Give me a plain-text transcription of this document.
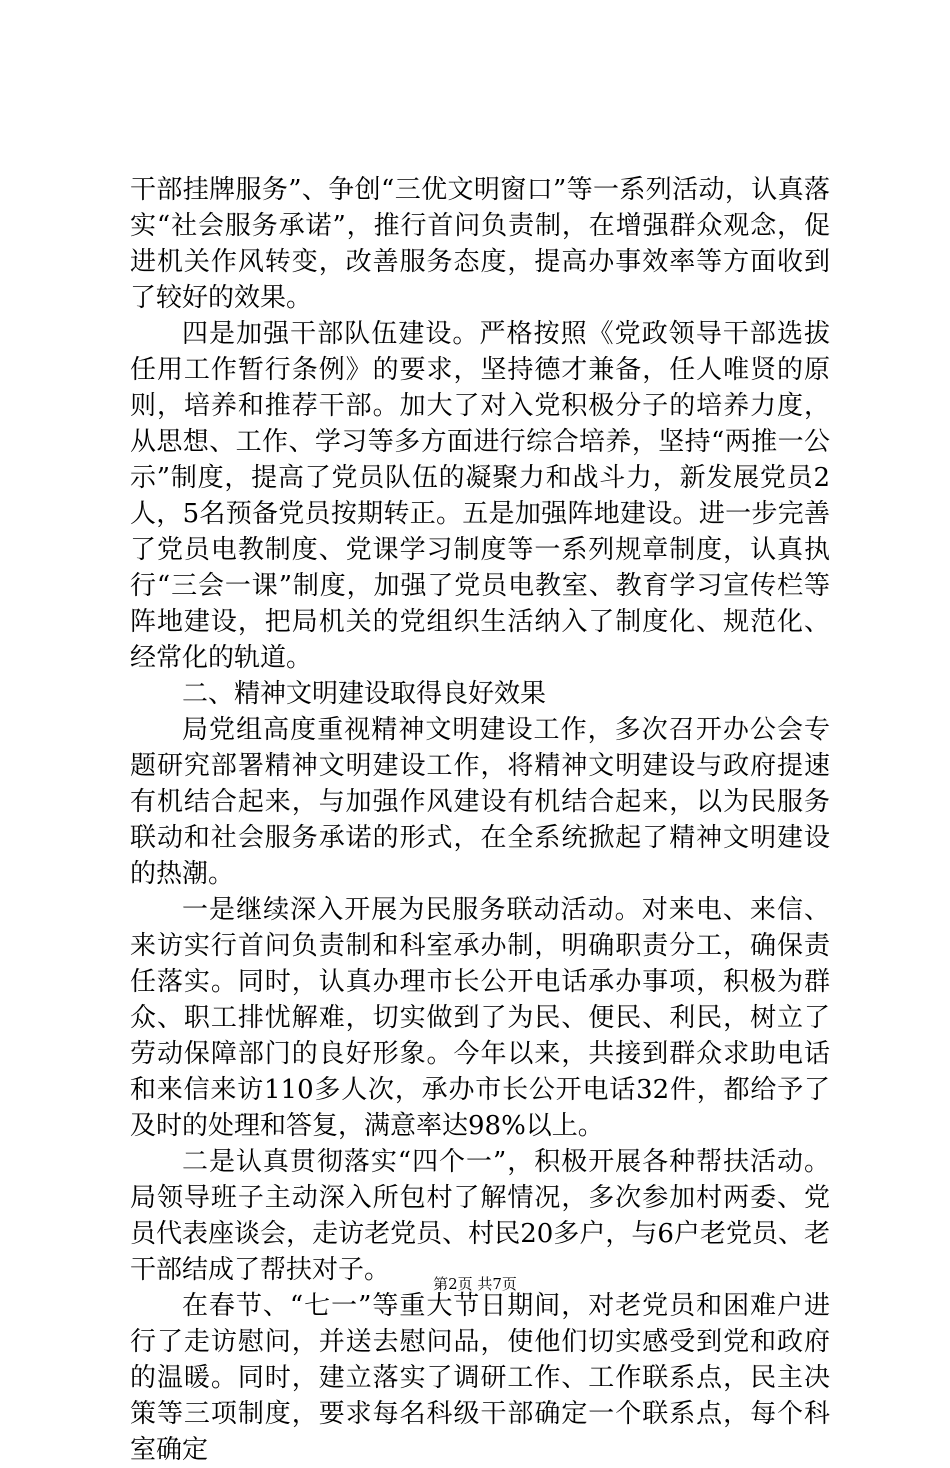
干部挂牌服务”、争创“三优文明窗口”等一系列活动，认真落实“社会服务承诺”，推行首问负责制，在增强群众观念，促进机关作风转变，改善服务态度，提高办事效率等方面收到了较好的效果。

四是加强干部队伍建设。严格按照《党政领导干部选拔任用工作暂行条例》的要求，坚持德才兼备，任人唯贤的原则，培养和推荐干部。加大了对入党积极分子的培养力度，从思想、工作、学习等多方面进行综合培养，坚持“两推一公示”制度，提高了党员队伍的凝聚力和战斗力，新发展党员2人，5名预备党员按期转正。五是加强阵地建设。进一步完善了党员电教制度、党课学习制度等一系列规章制度，认真执行“三会一课”制度，加强了党员电教室、教育学习宣传栏等阵地建设，把局机关的党组织生活纳入了制度化、规范化、经常化的轨道。

二、精神文明建设取得良好效果

局党组高度重视精神文明建设工作，多次召开办公会专题研究部署精神文明建设工作，将精神文明建设与政府提速有机结合起来，与加强作风建设有机结合起来，以为民服务联动和社会服务承诺的形式，在全系统掀起了精神文明建设的热潮。

一是继续深入开展为民服务联动活动。对来电、来信、来访实行首问负责制和科室承办制，明确职责分工，确保责任落实。同时，认真办理市长公开电话承办事项，积极为群众、职工排忧解难，切实做到了为民、便民、利民，树立了劳动保障部门的良好形象。今年以来，共接到群众求助电话和来信来访110多人次，承办市长公开电话32件，都给予了及时的处理和答复，满意率达98%以上。

二是认真贯彻落实“四个一”，积极开展各种帮扶活动。局领导班子主动深入所包村了解情况，多次参加村两委、党员代表座谈会，走访老党员、村民20多户，与6户老党员、老干部结成了帮扶对子。

在春节、“七一”等重大节日期间，对老党员和困难户进行了走访慰问，并送去慰问品，使他们切实感受到党和政府的温暖。同时，建立落实了调研工作、工作联系点，民主决策等三项制度，要求每名科级干部确定一个联系点，每个科室确定

第2页 共7页
